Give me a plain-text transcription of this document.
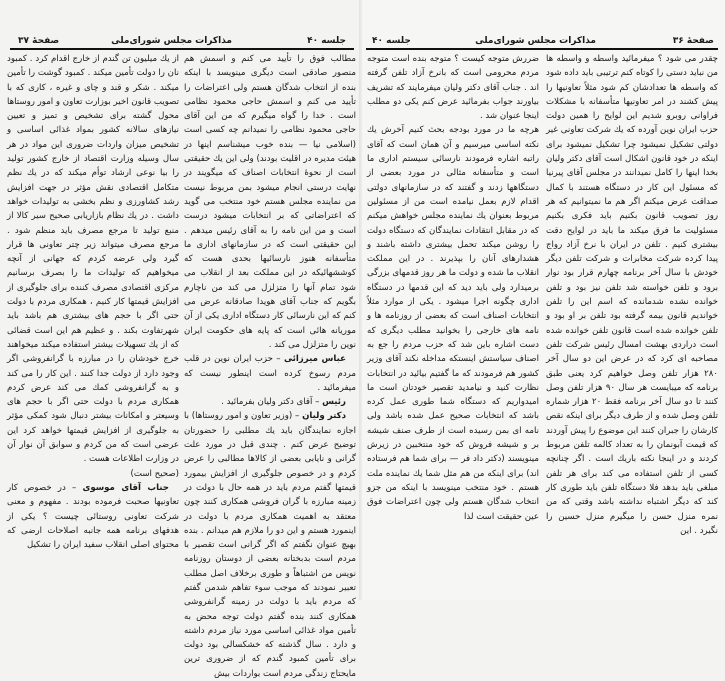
جلسه ۴۰
مذاکرات مجلس شورای‌ملی
صفحهٔ ۳۷

از یك میلیون تن گندم از خارج اقدام کرد . کمبود نان را دولت تأمین میکند . کمبود گوشت را تأمین میکند . شکر و قند و چای و غیره ، کاری که با تصویب قانون اخیر بوزارت تعاون و امور روستاها محول گشته برای تشخیص و تمیز و تعیین نیازهای سالانه کشور بمواد غذائی اساسی و تشخیص میزان واردات ضروری این مواد در هر سال وسیله وزارت اقتصاد از خارج کشور تولید را بیا نوعی ارشاد توأم میکند که در یك نظم متکامل اقتصادی نقش مؤثر در جهت افزایش رشد کشاورزی و نظم بخشی به تولیدات خواهد داشت . در یك نظام بازاریابی صحیح سیر کالا از منبع تولید تا مرجع مصرف باید منظم شود . مرجع مصرف میتواند زیر چتر تعاونی ها قرار گیرد ولی عرضه کردم که جهانی از آنچه میخواهیم که تولیدات ما را بصرف برسانیم مرکزی اقتصادی مصرف کننده برای جلوگیری از افزایش قیمتها کار کنیم ، همکاری مردم با دولت حتی اگر با حجم های بیشتری هم باشد باید شهرتفاوت بکند . و عظیم هم این است قضائی که از یك تسهیلات بیشتر استفاده میکند میخواهند خرج خودشان را در مبارزه با گرانفروشی اگر وجود دارد از دولت جدا کنند . این کار را می کند و به گرانفروشی کمك می کند عرض کردم همکاری مردم با دولت حتی اگر با حجم های وسیعتر و امکانات بیشتر دنبال شود کمکی مؤثر به جلوگیری از افزایش قیمتها خواهد کرد این عرضی است که من کردم و سوابق آن نوار آن در وزارت اطلاعات هست .

(صحیح است)

جناب آقای موسوی – در خصوص کار تعاونیها صحبت فرموده بودند . مفهوم و معنی شرکت تعاونی روستائی چیست ؟ یکی از هدفهای برنامه همه جانبه اصلاحات ارضی که محتوای اصلی انقلاب سفید ایران را تشکیل

مطالب فوق را تأیید می کنم و اسمش هم منصور صادقی است دیگری مینویسد با اینکه بنده از انتخاب شدگان هستم ولی اعتراضات را تأیید می کنم و اسمش حاجی محمود نظامی است . خدا را گواه میگیرم که من این آقای حاجی محمود نظامی را نمیدانم چه کسی است (اسلامی نیا — بنده خوب میشناسم اینها در هیئت مدیره در اقلیت بودند) ولی این یك حقیقتی است از نحوهٔ انتخابات اصناف که میگویند در نهایت درستی انجام میشود بمن مربوط نیست من نماینده مجلس هستم خود منتخب می گوید که اعتراضاتی که بر انتخابات میشود درست است و من این نامه را به آقای رئیس میدهم . این حقیقتی است که در سازمانهای اداری ما متأسفانه هنوز نارسائیها بحدی هست که کوششهائیکه در این مملکت بعد از انقلاب می شود تمام آنها را متزلزل می کند من ناچارم بگویم که جناب آقای هویدا صادقانه عرض می کنم که این نارسائی کار دستگاه اداری یکی از آن موریانه هائی است که پایه های حکومت ایران نوین را متزلزل می کند .

عباس میرزائی – حزب ایران نوین در قلب مردم رسوخ کرده است اینطور نیست که میفرمائید .

رئیس – آقای دکتر ولیان بفرمائید .

دکتر ولیان – (وزیر تعاون و امور روستاها) با اجازه نمایندگان باید یك مطلبی را حضورتان توضیح عرض کنم . چندی قبل در مورد علت گرانی و نایابی بعضی از کالاها مطالبی را عرض کردم و در خصوص جلوگیری از افزایش بیمورد قیمتها گفتم مردم باید در همه حال با دولت در زمینه مبارزه با گران فروشی همکاری کنند چون معتقد به اهمیت همکاری مردم با دولت در اینمورد هستم و این دو را ملازم هم میدانم . بنده بهیچ عنوان نگفتم که اگر گرانی است تقصیر با مردم است بدبختانه بعضی از دوستان روزنامه نویس من اشتباهاً و طوری برخلاف اصل مطلب تعبیر نمودند که موجب سوء تفاهم شدمن گفتم که مردم باید با دولت در زمینه گرانفروشی همکاری کنند بنده گفتم دولت توجه محض به تأمین مواد غذائی اساسی مورد نیاز مردم داشته و دارد . سال گذشته که خشکسالی بود دولت برای تأمین کمبود گندم که از ضروری ترین مایحتاج زندگی مردم است بواردات بیش

صفحهٔ ۳۶
مذاکرات مجلس شورای‌ملی
جلسه ۴۰

ضررش متوجه کیست ؟ متوجه بنده است متوجه مردم محرومی است که بانرخ آزاد تلفن گرفته اند . جناب آقای دکتر ولیان میفرمایند که تشریف بیاورند جواب بفرمائید عرض کنم یکی دو مطلب اینجا عنوان شد .

هرچه ما در مورد بودجه بحث کنیم آخرش یك نکته اساسی میرسیم و آن همان است که آقای راتبه اشاره فرمودند نارسائی سیستم اداری ما است و متأسفانه مثالی در مورد بعضی از دستگاهها زدند و گفتند که در سازمانهای دولتی اقدام لازم بعمل نیامده است من از مسئولین مربوط بعنوان یك نماینده مجلس خواهش میکنم که در مقابل انتقادات نمایندگان که دستگاه دولت را روشن میکند تحمل بیشتری داشته باشند و هشدارهای آنان را بپذیرند . در این مملکت انقلاب ما شده و دولت ما هر روز قدمهای بزرگی برمیدارد ولی باید دید که این قدمها در دستگاه اداری چگونه اجرا میشود . یکی از موارد مثلاً انتخابات اصناف است که بعضی از روزنامه ها و نامه های خارجی را بخوانید مطلب دیگری که دست اشاره باین شد که حزب مردم را جع به اصناف سیاستش اینستکه مداخله نکند آقای وزیر کشور هم فرمودند که ما گفتیم بیائید در انتخابات نظارت کنید و نیامدید تقصیر خودتان است ما امیدواریم که دستگاه شما طوری عمل کرده باشد که انتخابات صحیح عمل شده باشد ولی نامه ای بمن رسیده است از طرف صنف شیشه بر و شیشه فروش که خود منتخبین در زیرش مینویسند (دکتر داد فر — برای شما هم فرستاده اند) برای اینکه من هم مثل شما یك نماینده ملت هستم . خود منتخب مینویسد با اینکه من جزو انتخاب شدگان هستم ولی چون اعتراضات فوق عین حقیقت است لذا

چقدر می شود ؟ میفرمائید واسطه و واسطه ها من نباید دستی را کوتاه کنم ترتیبی باید داده شود که واسطه ها تعدادشان کم شود مثلاً تعاونیها را پیش کشند در امر تعاونیها متأسفانه با مشکلات فراوانی روبرو شدیم این لوایح را همین دولت حزب ایران نوین آورده که یك شرکت تعاونی غیر دولتی تشکیل نمیشود چرا تشکیل نمیشود برای اینکه در خود قانون اشکال است آقای دکتر ولیان بخدا اینها را کامل نمیدانند در مجلس آقای پیرنیا که مسئول این کار در دستگاه هستند با کمال صداقت عرض میکنم اگر هم ما نمیتوانیم که هر روز تصویب قانون بکنیم باید فکری بکنیم مسئولیت ما فرق میکند ما باید در لوایح دقت بیشتری کنیم . تلفن در ایران با نرخ آزاد رواج پیدا کرده شرکت مخابرات و شرکت تلفن دیگر خودش با سال آخر برنامه چهارم قرار بود نوار برود و تلفن خواسته شد تلفن نیز بود و تلفن خوانده نشده شدمانده که اسم این را تلفن خواندیم قانون بیمه گرفته بود تلفن بر او بود و تلفن خوانده شده است قانون تلفن خوانده شده است دراردی بهشت امسال رئیس شرکت تلفن مصاحبه ای کرد که در عرض این دو سال آخر ۲۸۰ هزار تلفن وصل خواهیم کرد یعنی طبق برنامه که میبایست هر سال ۹۰ هزار تلفن وصل کنند تا دو سال آخر برنامه فقط ۲۰ هزار شماره تلفن وصل شده و از طرف دیگر برای اینکه نقص کارشان را جبران کنند این موضوع را پیش آوردند که قیمت آبونمان را به تعداد کالمه تلفن مربوط کردند و در اینجا نکته باریك است . اگر چنانچه کسی از تلفن استفاده می کند برای هر تلفن مبلغی باید بدهد فلا دستگاه تلفن باید طوری کار کند که دیگر اشتباه نداشته باشد وقتی که من نمره منزل حسن را میگیرم منزل حسین را نگیرد . این
